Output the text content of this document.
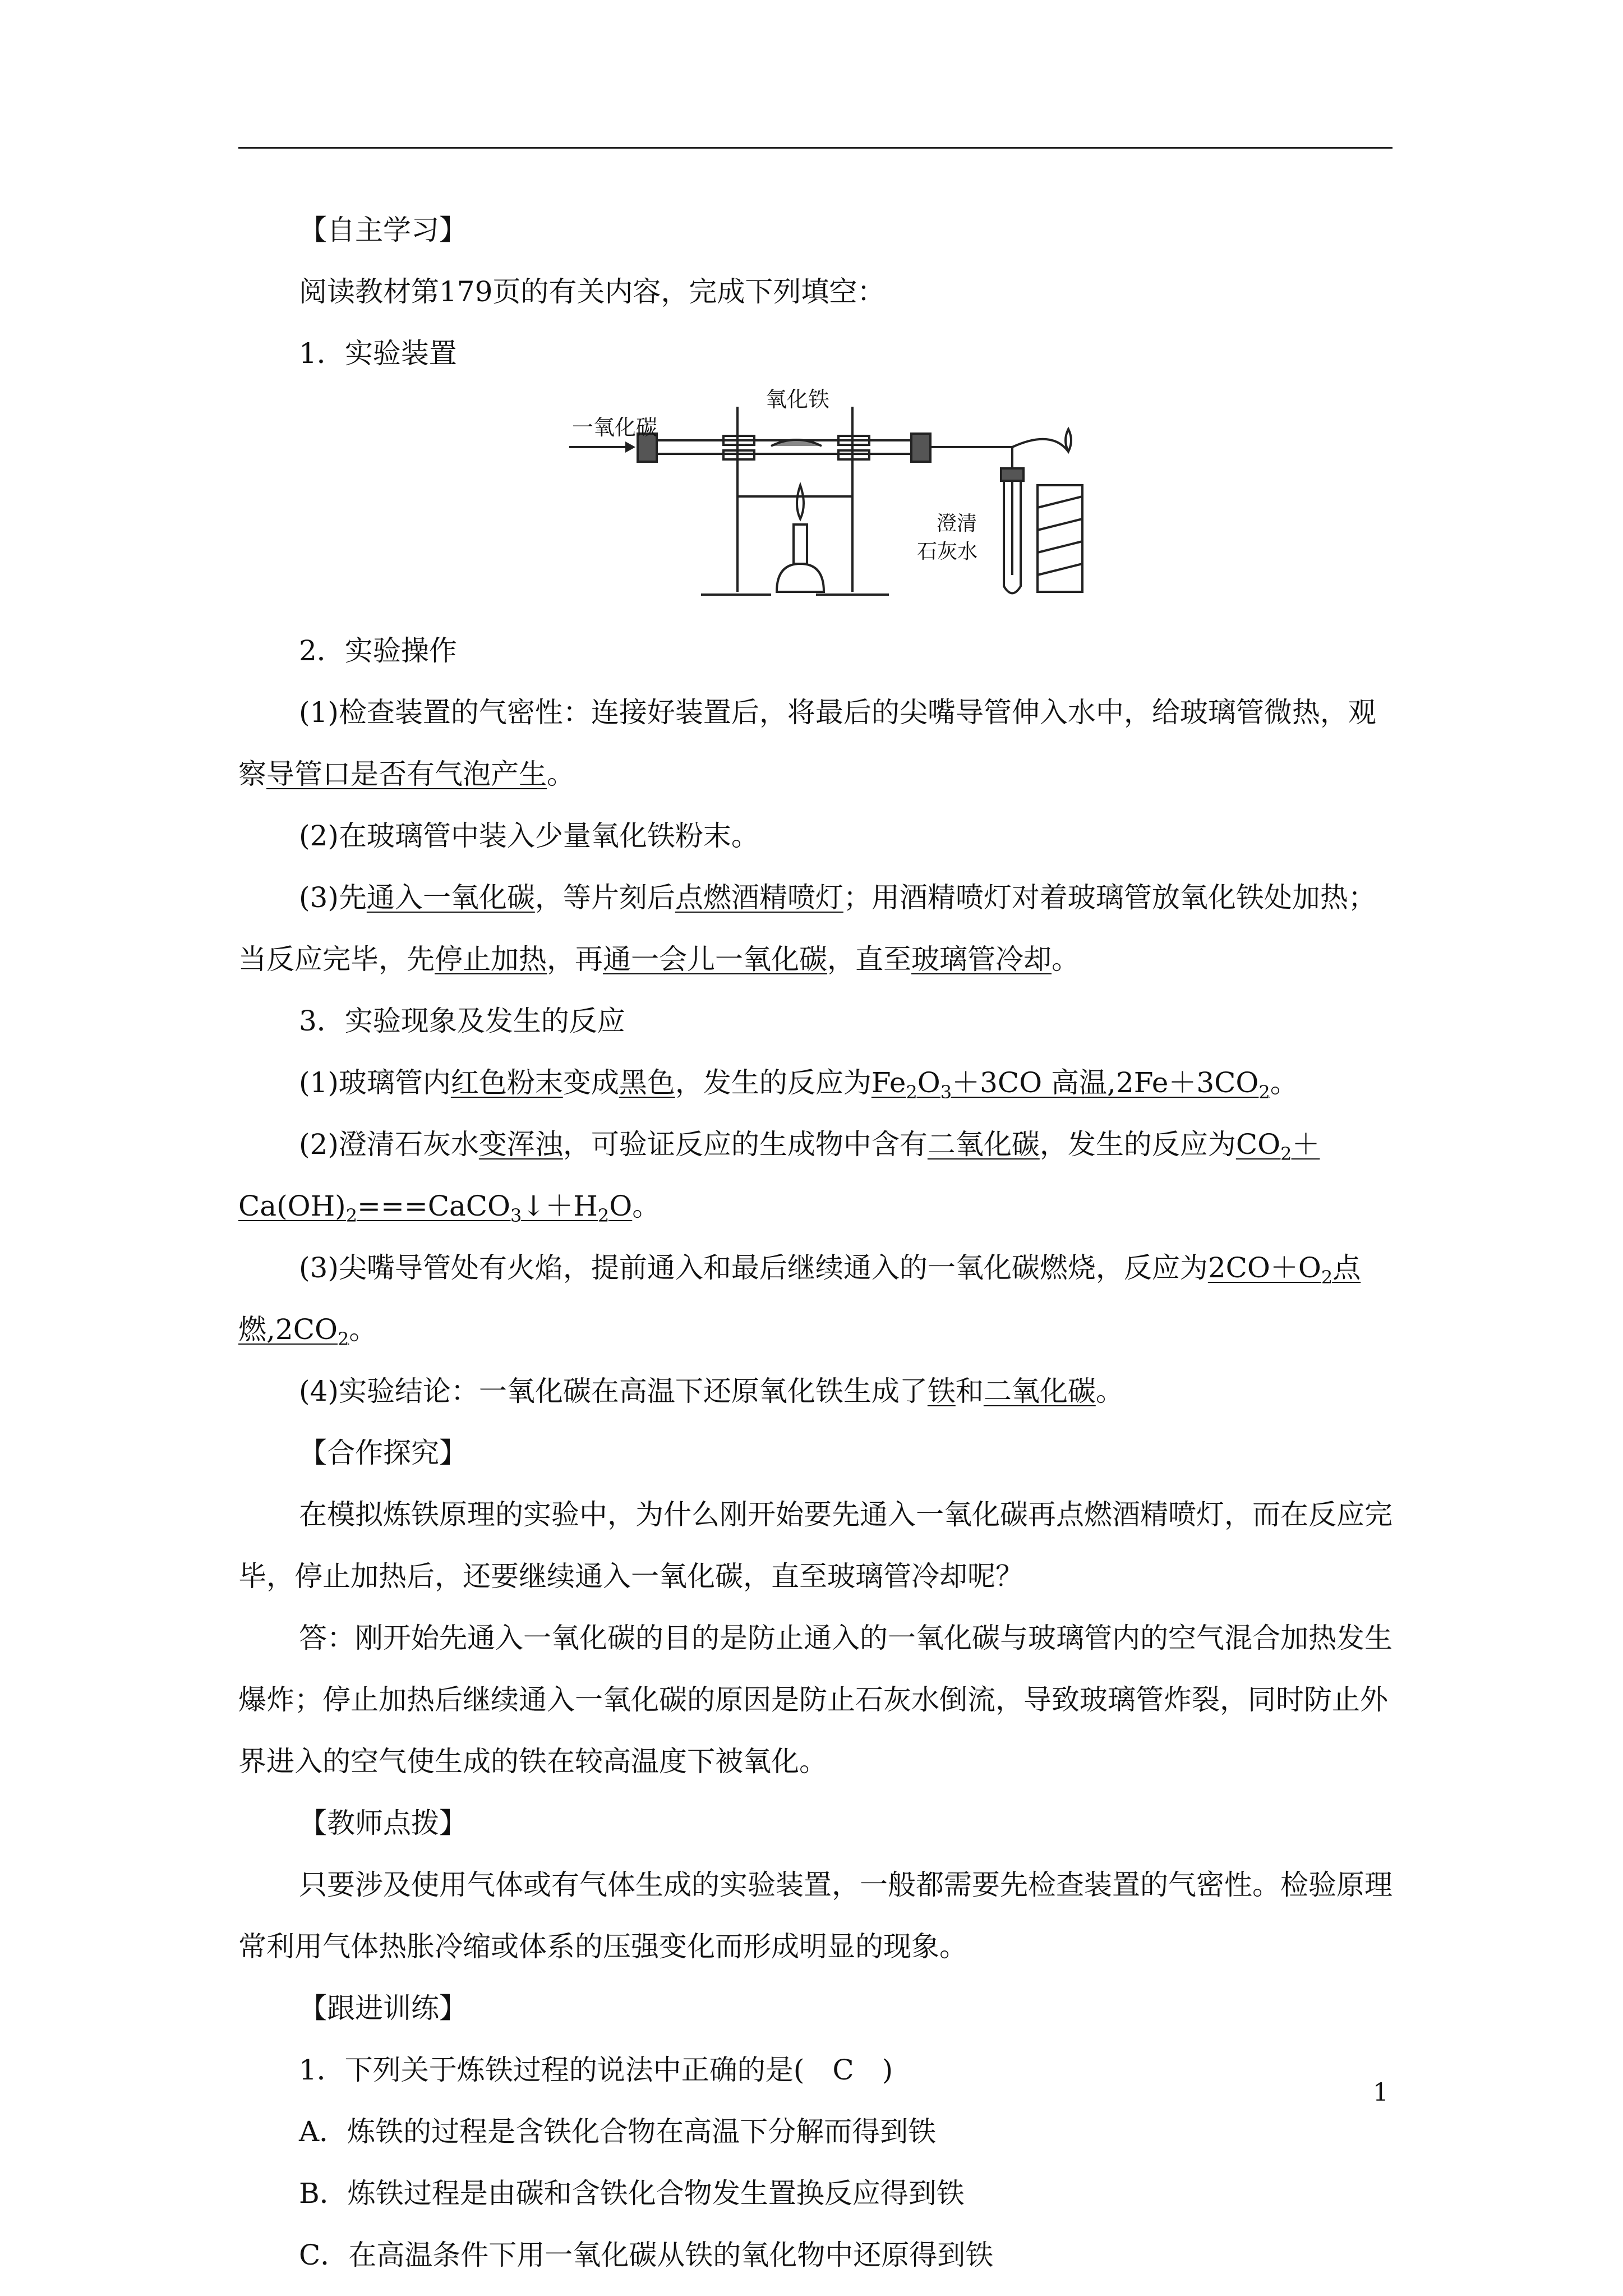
【自主学习】

阅读教材第179页的有关内容，完成下列填空：

1．实验装置

一氧化碳
氧化铁
澄清
石灰水

2．实验操作

(1)检查装置的气密性：连接好装置后，将最后的尖嘴导管伸入水中，给玻璃管微热，观察导管口是否有气泡产生。

(2)在玻璃管中装入少量氧化铁粉末。

(3)先通入一氧化碳，等片刻后点燃酒精喷灯；用酒精喷灯对着玻璃管放氧化铁处加热；当反应完毕，先停止加热，再通一会儿一氧化碳，直至玻璃管冷却。

3．实验现象及发生的反应

(1)玻璃管内红色粉末变成黑色，发生的反应为$Fe_2O_3+3CO$ 高温$,2Fe+3CO_2$。

(2)澄清石灰水变浑浊，可验证反应的生成物中含有二氧化碳，发生的反应为$CO_2+Ca(OH)_2===CaCO_3↓+H_2O$。

(3)尖嘴导管处有火焰，提前通入和最后继续通入的一氧化碳燃烧，反应为$2CO+O_2$点燃$,2CO_2$。

(4)实验结论：一氧化碳在高温下还原氧化铁生成了铁和二氧化碳。

【合作探究】

在模拟炼铁原理的实验中，为什么刚开始要先通入一氧化碳再点燃酒精喷灯，而在反应完毕，停止加热后，还要继续通入一氧化碳，直至玻璃管冷却呢？

答：刚开始先通入一氧化碳的目的是防止通入的一氧化碳与玻璃管内的空气混合加热发生爆炸；停止加热后继续通入一氧化碳的原因是防止石灰水倒流，导致玻璃管炸裂，同时防止外界进入的空气使生成的铁在较高温度下被氧化。

【教师点拨】

只要涉及使用气体或有气体生成的实验装置，一般都需要先检查装置的气密性。检验原理常利用气体热胀冷缩或体系的压强变化而形成明显的现象。

【跟进训练】

1．下列关于炼铁过程的说法中正确的是(　C　)

A．炼铁的过程是含铁化合物在高温下分解而得到铁

B．炼铁过程是由碳和含铁化合物发生置换反应得到铁

C．在高温条件下用一氧化碳从铁的氧化物中还原得到铁

1
